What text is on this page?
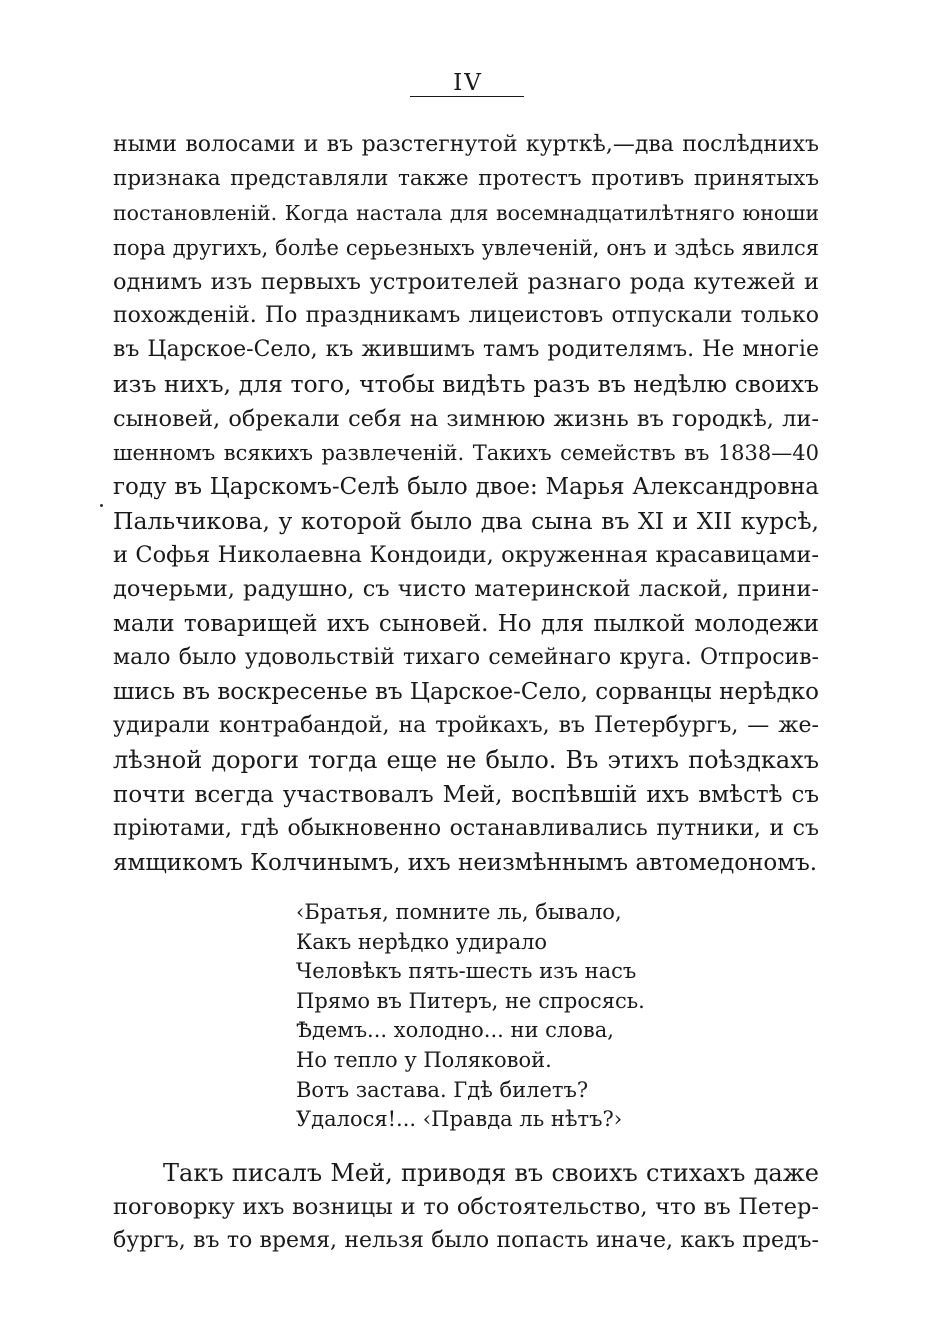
IV
ными волосами и въ разстегнутой курткѣ,—два послѣднихъ
признака представляли также протестъ противъ принятыхъ
постановленій. Когда настала для восемнадцатилѣтняго юноши
пора другихъ, болѣе серьезныхъ увлеченій, онъ и здѣсь явился
однимъ изъ первыхъ устроителей разнаго рода кутежей и
похожденій. По праздникамъ лицеистовъ отпускали только
въ Царское-Село, къ жившимъ тамъ родителямъ. Не многіе
изъ нихъ, для того, чтобы видѣть разъ въ недѣлю своихъ
сыновей, обрекали себя на зимнюю жизнь въ городкѣ, ли-
шенномъ всякихъ развлеченій. Такихъ семействъ въ 1838—40
году въ Царскомъ-Селѣ было двое: Марья Александровна
Пальчикова, у которой было два сына въ XI и XII курсѣ,
и Софья Николаевна Кондоиди, окруженная красавицами-
дочерьми, радушно, съ чисто материнской лаской, прини-
мали товарищей ихъ сыновей. Но для пылкой молодежи
мало было удовольствій тихаго семейнаго круга. Отпросив-
шись въ воскресенье въ Царское-Село, сорванцы нерѣдко
удирали контрабандой, на тройкахъ, въ Петербургъ, — же-
лѣзной дороги тогда еще не было. Въ этихъ поѣздкахъ
почти всегда участвовалъ Мей, воспѣвшій ихъ вмѣстѣ съ
пріютами, гдѣ обыкновенно останавливались путники, и съ
ямщикомъ Колчинымъ, ихъ неизмѣннымъ автомедономъ.
‹Братья, помните ль, бывало,
Какъ нерѣдко удирало
Человѣкъ пять-шесть изъ насъ
Прямо въ Питеръ, не спросясь.
Ѣдемъ... холодно... ни слова,
Но тепло у Поляковой.
Вотъ застава. Гдѣ билетъ?
Удалося!... ‹Правда ль нѣтъ?›
Такъ писалъ Мей, приводя въ своихъ стихахъ даже
поговорку ихъ возницы и то обстоятельство, что въ Петер-
бургъ, въ то время, нельзя было попасть иначе, какъ предъ-
